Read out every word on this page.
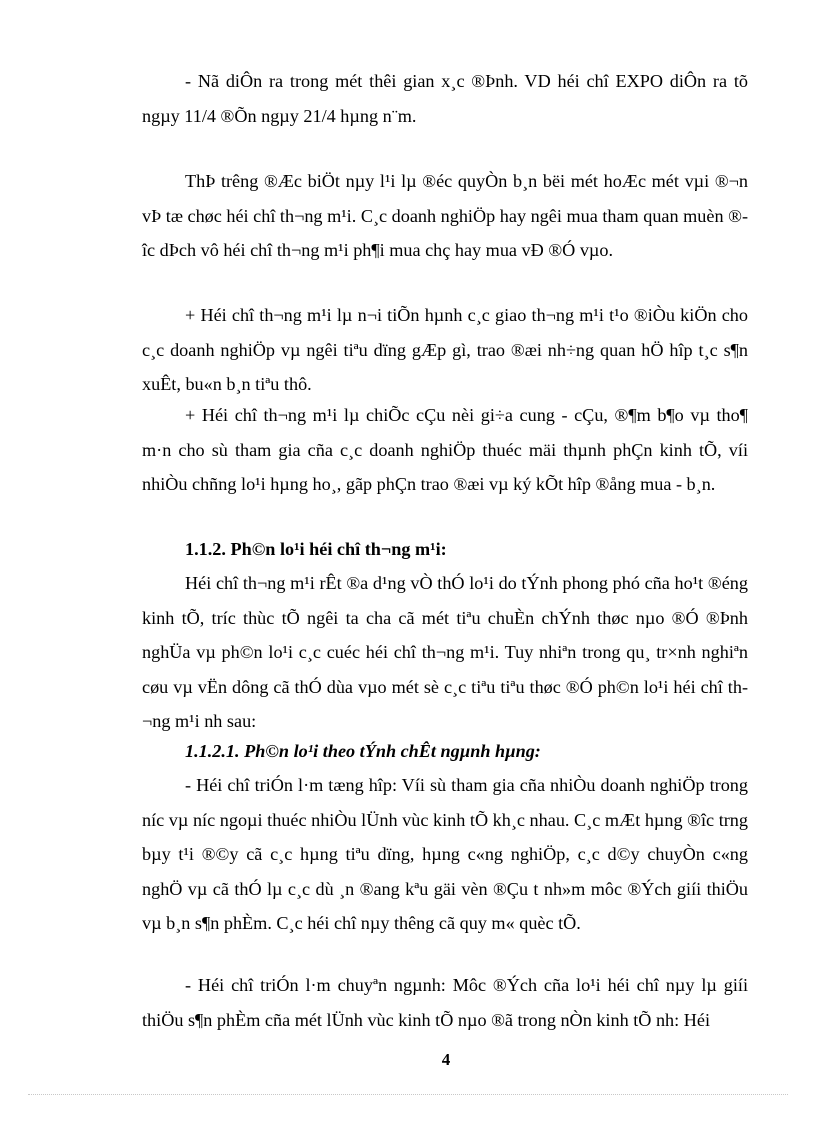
- Nã diÔn ra trong mét thêi gian x¸c ®Þnh. VD héi chî EXPO diÔn ra tõ ngµy 11/4 ®Õn ngµy 21/4 hµng n¨m.

ThÞ trêng ®Æc biÖt nµy l¹i lµ ®éc quyÒn b¸n bëi mét hoÆc mét vµi ®¬n vÞ tæ chøc héi chî th¬ng m¹i. C¸c doanh nghiÖp hay ngêi mua tham quan muèn ®îc dÞch vô héi chî th¬ng m¹i ph¶i mua chç hay mua vÐ ®Ó vµo.

+ Héi chî th¬ng m¹i lµ n¬i tiÕn hµnh c¸c giao th¬ng m¹i t¹o ®iÒu kiÖn cho c¸c doanh nghiÖp vµ ngêi tiªu dïng gÆp gì, trao ®æi nh÷ng quan hÖ hîp t¸c s¶n xuÊt, bu«n b¸n tiªu thô.

+ Héi chî th¬ng m¹i lµ chiÕc cÇu nèi gi÷a cung - cÇu, ®¶m b¶o vµ tho¶ m·n cho sù tham gia cña c¸c doanh nghiÖp thuéc mäi thµnh phÇn kinh tÕ, víi nhiÒu chñng lo¹i hµng ho¸, gãp phÇn trao ®æi vµ ký kÕt hîp ®ång mua - b¸n.

1.1.2. Ph©n lo¹i héi chî th¬ng m¹i:

Héi chî th¬ng m¹i rÊt ®a d¹ng vÒ thÓ lo¹i do tÝnh phong phó cña ho¹t ®éng kinh tÕ, tríc thùc tÕ ngêi ta cha cã mét tiªu chuÈn chÝnh thøc nµo ®Ó ®Þnh nghÜa vµ ph©n lo¹i c¸c cuéc héi chî th¬ng m¹i. Tuy nhiªn trong qu¸ tr×nh nghiªn cøu vµ vËn dông cã thÓ dùa vµo mét sè c¸c tiªu tiªu thøc ®Ó ph©n lo¹i héi chî th¬ng m¹i nh sau:

1.1.2.1. Ph©n lo¹i theo tÝnh chÊt ngµnh hµng:

- Héi chî triÓn l·m tæng hîp: Víi sù tham gia cña nhiÒu doanh nghiÖp trong níc vµ níc ngoµi thuéc nhiÒu lÜnh vùc kinh tÕ kh¸c nhau. C¸c mÆt hµng ®îc trng bµy t¹i ®©y cã c¸c hµng tiªu dïng, hµng c«ng nghiÖp, c¸c d©y chuyÒn c«ng nghÖ vµ cã thÓ lµ c¸c dù ¸n ®ang kªu gäi vèn ®Çu t nh»m môc ®Ých giíi thiÖu vµ b¸n s¶n phÈm. C¸c héi chî nµy thêng cã quy m« quèc tÕ.

- Héi chî triÓn l·m chuyªn ngµnh: Môc ®Ých cña lo¹i héi chî nµy lµ giíi thiÖu s¶n phÈm cña mét lÜnh vùc kinh tÕ nµo ®ã trong nÒn kinh tÕ nh: Héi

4
